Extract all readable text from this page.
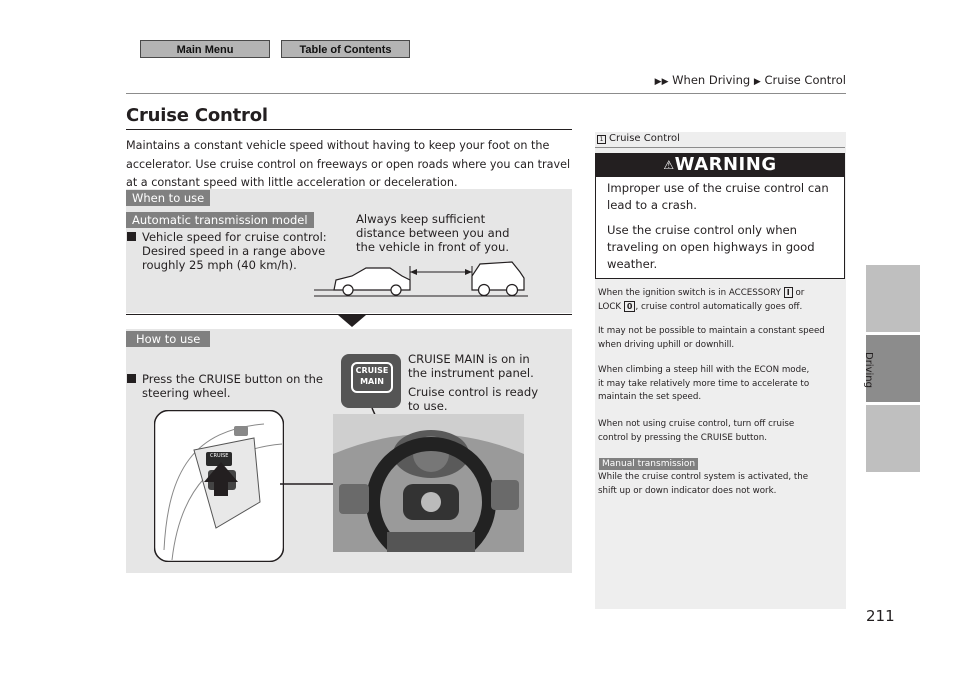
Main Menu	Table of Contents
▶▶ When Driving ▶ Cruise Control
Cruise Control
Maintains a constant vehicle speed without having to keep your foot on the accelerator. Use cruise control on freeways or open roads where you can travel at a constant speed with little acceleration or deceleration.
When to use
Automatic transmission model
Vehicle speed for cruise control:
Desired speed in a range above
roughly 25 mph (40 km/h).
Always keep sufficient
distance between you and
the vehicle in front of you.
How to use
Press the CRUISE button on the
steering wheel.
CRUISE MAIN is on in
the instrument panel.
Cruise control is ready
to use.
CRUISE
MAIN
CRUISE
1 Cruise Control
⚠WARNING
Improper use of the cruise control can
lead to a crash.
Use the cruise control only when
traveling on open highways in good
weather.
When the ignition switch is in ACCESSORY I or
LOCK 0 , cruise control automatically goes off.
It may not be possible to maintain a constant speed
when driving uphill or downhill.
When climbing a steep hill with the ECON mode,
it may take relatively more time to accelerate to
maintain the set speed.
When not using cruise control, turn off cruise
control by pressing the CRUISE button.
Manual transmission
While the cruise control system is activated, the
shift up or down indicator does not work.
Driving
211
